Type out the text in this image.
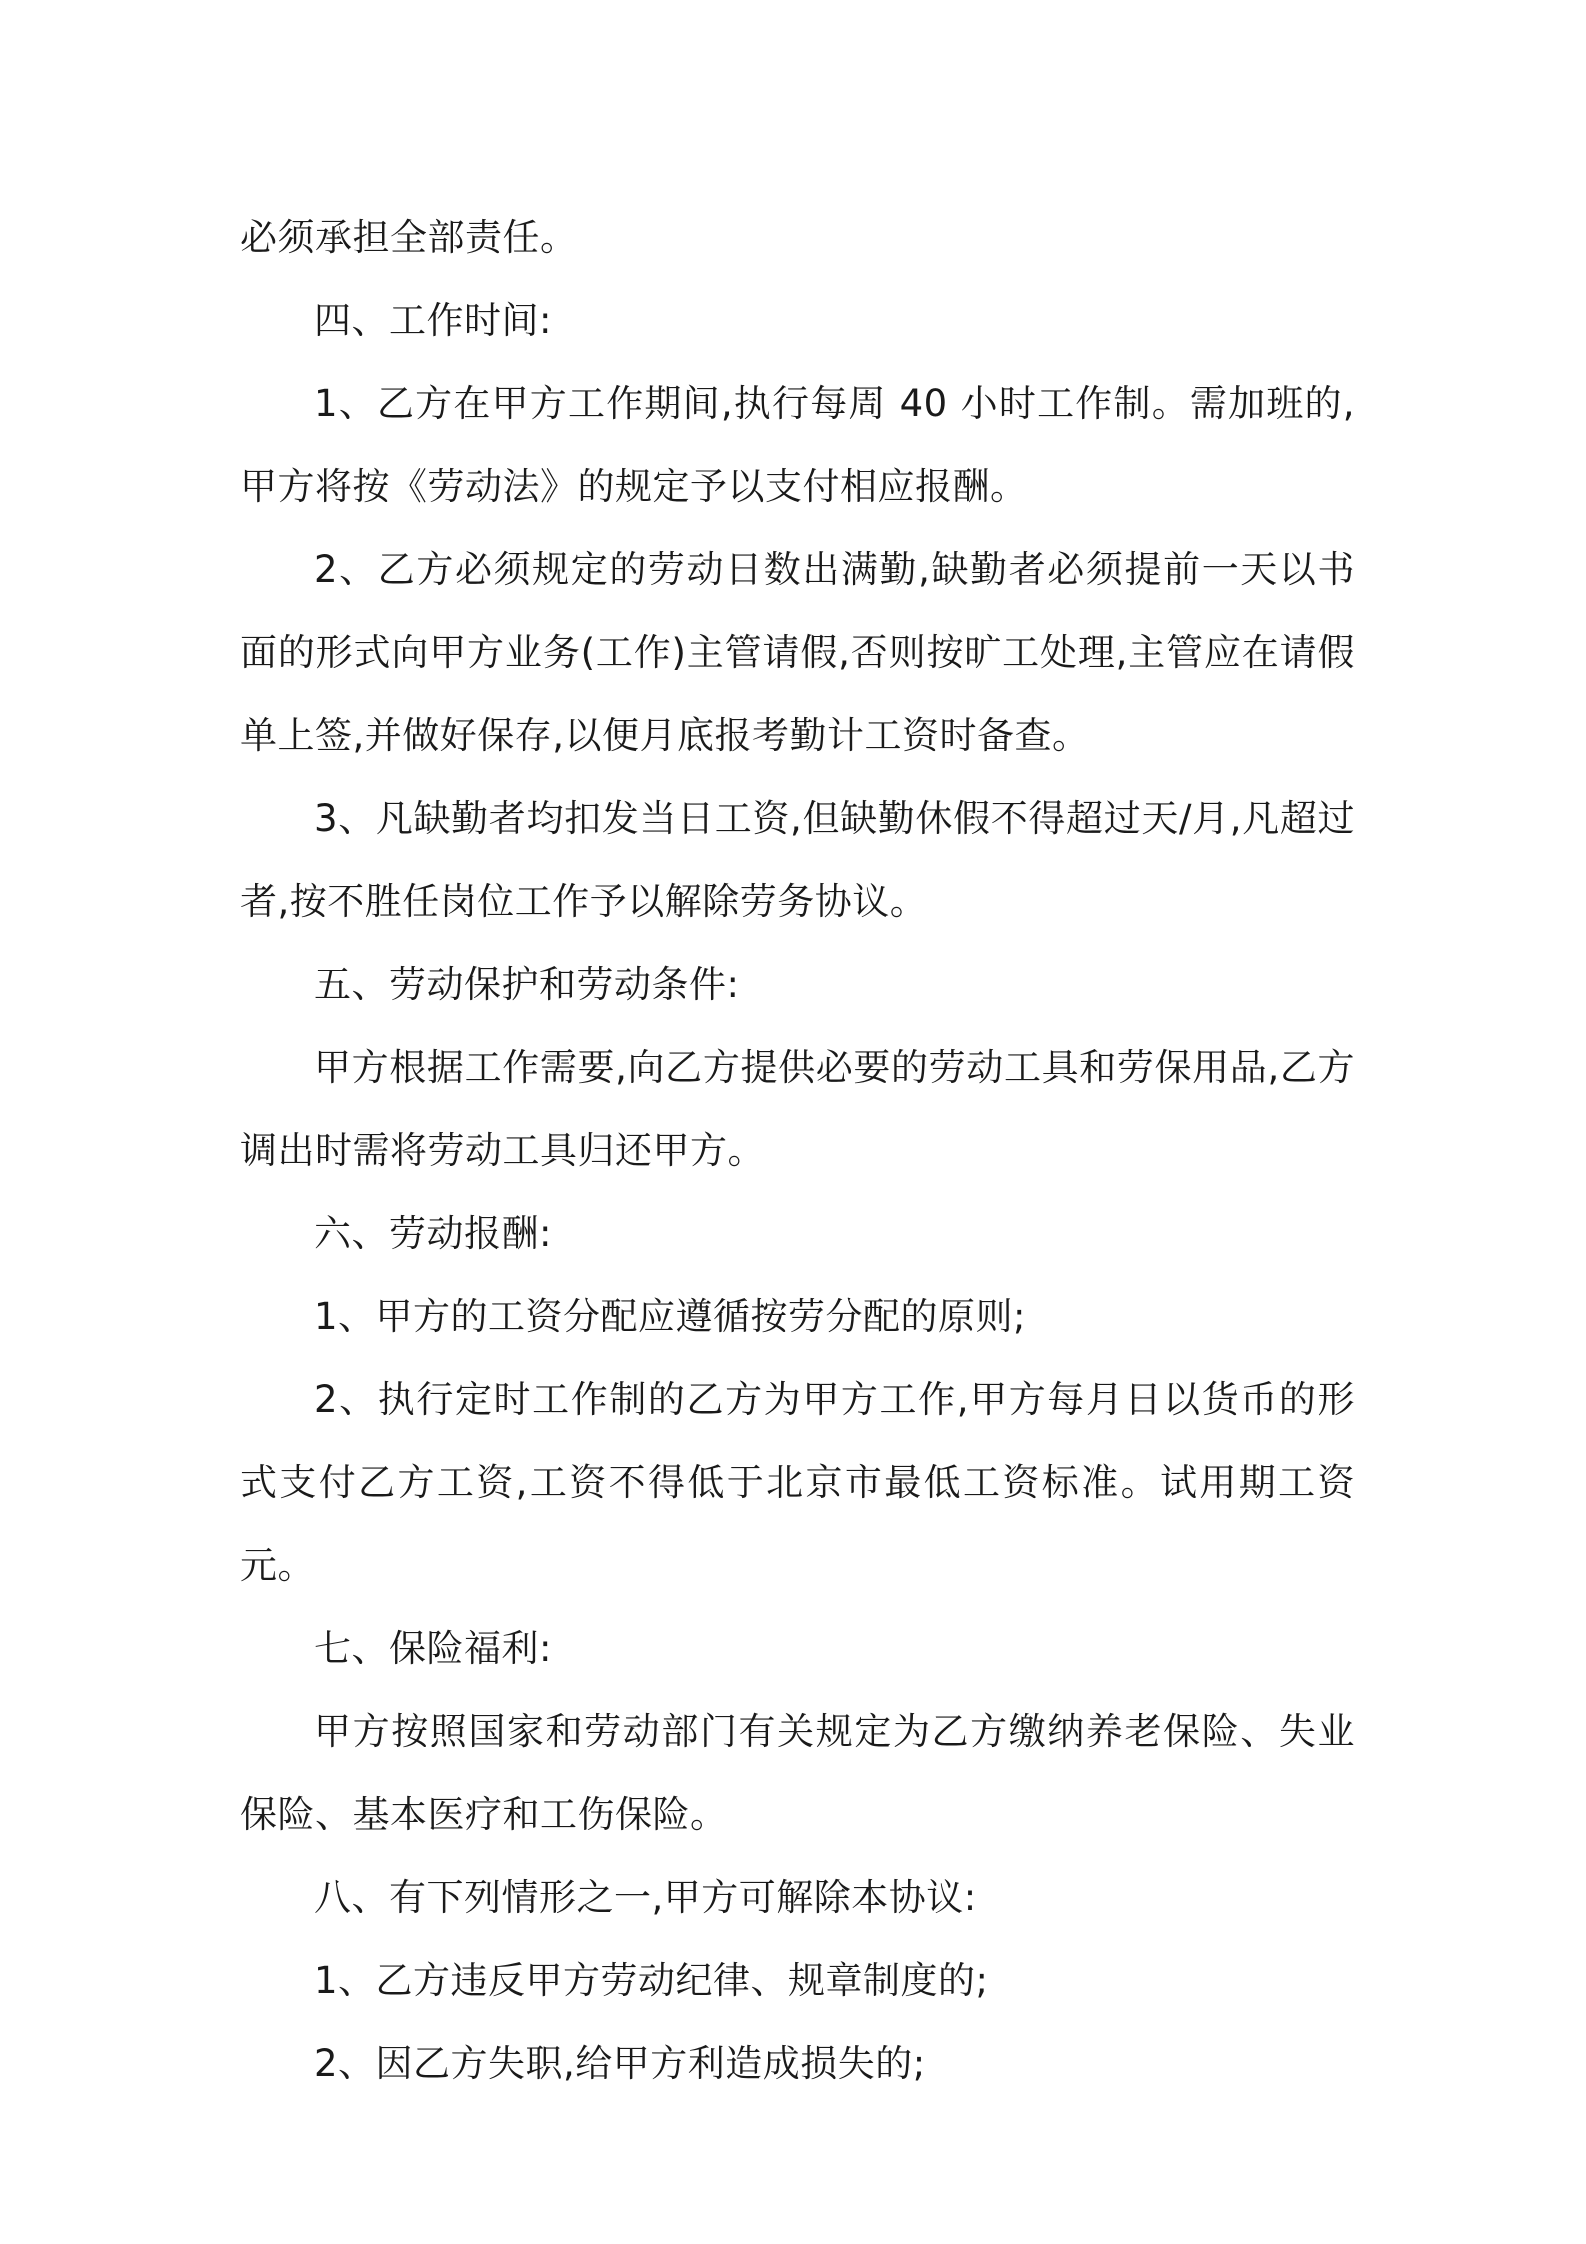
必须承担全部责任。

四、工作时间:

1、乙方在甲方工作期间,执行每周 40 小时工作制。需加班的,甲方将按《劳动法》的规定予以支付相应报酬。

2、乙方必须规定的劳动日数出满勤,缺勤者必须提前一天以书面的形式向甲方业务(工作)主管请假,否则按旷工处理,主管应在请假单上签,并做好保存,以便月底报考勤计工资时备查。

3、凡缺勤者均扣发当日工资,但缺勤休假不得超过天/月,凡超过者,按不胜任岗位工作予以解除劳务协议。

五、劳动保护和劳动条件:

甲方根据工作需要,向乙方提供必要的劳动工具和劳保用品,乙方调出时需将劳动工具归还甲方。

六、劳动报酬:

1、甲方的工资分配应遵循按劳分配的原则;

2、执行定时工作制的乙方为甲方工作,甲方每月日以货币的形式支付乙方工资,工资不得低于北京市最低工资标准。试用期工资元。

七、保险福利:

甲方按照国家和劳动部门有关规定为乙方缴纳养老保险、失业保险、基本医疗和工伤保险。

八、有下列情形之一,甲方可解除本协议:

1、乙方违反甲方劳动纪律、规章制度的;

2、因乙方失职,给甲方利造成损失的;
